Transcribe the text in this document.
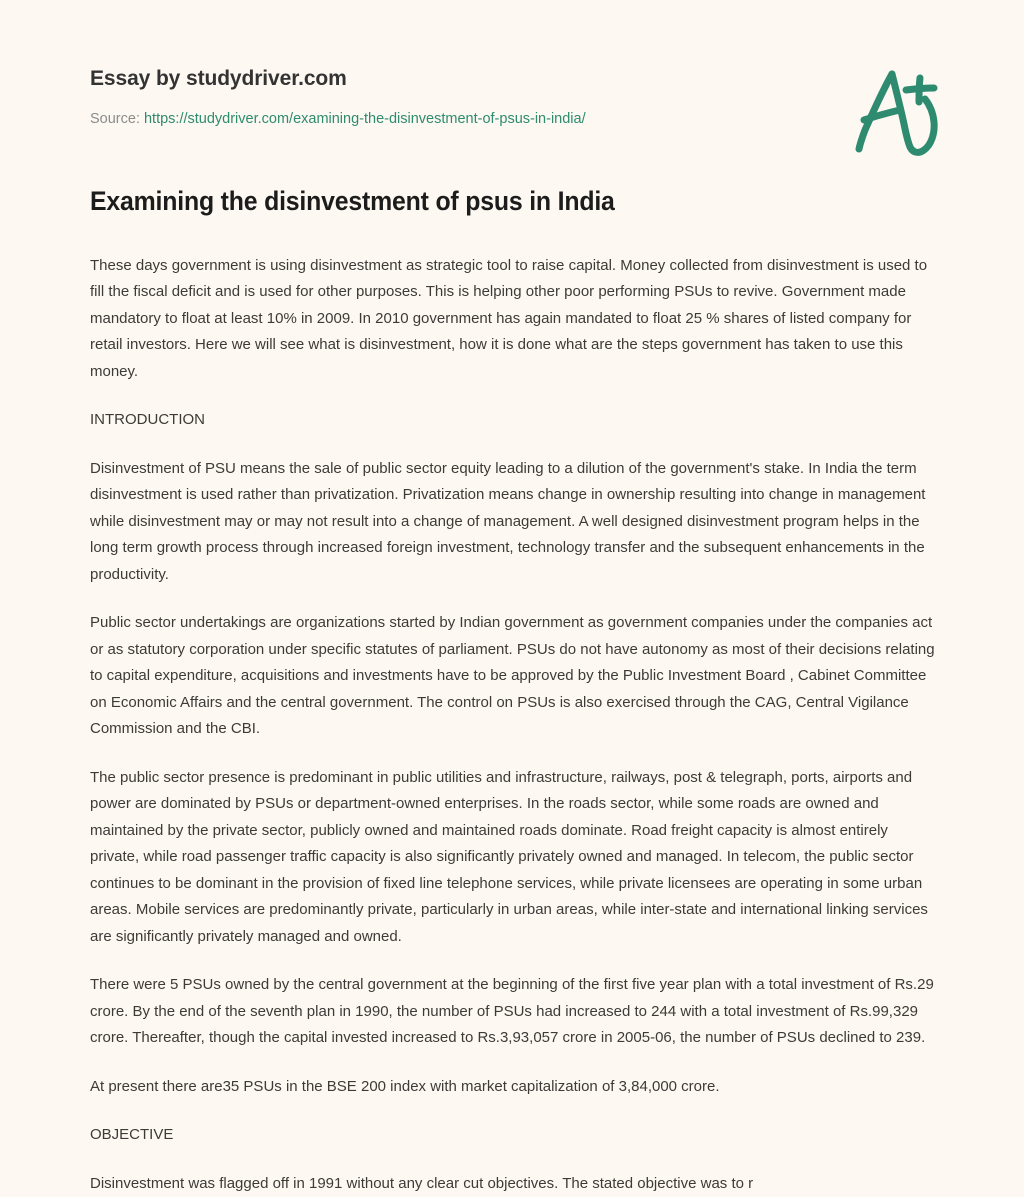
Essay by studydriver.com
Source: https://studydriver.com/examining-the-disinvestment-of-psus-in-india/
Examining the disinvestment of psus in India

These days government is using disinvestment as strategic tool to raise capital. Money collected from disinvestment is used to fill the fiscal deficit and is used for other purposes. This is helping other poor performing PSUs to revive. Government made mandatory to float at least 10% in 2009. In 2010 government has again mandated to float 25 % shares of listed company for retail investors. Here we will see what is disinvestment, how it is done what are the steps government has taken to use this money.

INTRODUCTION

Disinvestment of PSU means the sale of public sector equity leading to a dilution of the government's stake. In India the term disinvestment is used rather than privatization. Privatization means change in ownership resulting into change in management while disinvestment may or may not result into a change of management. A well designed disinvestment program helps in the long term growth process through increased foreign investment, technology transfer and the subsequent enhancements in the productivity.

Public sector undertakings are organizations started by Indian government as government companies under the companies act or as statutory corporation under specific statutes of parliament. PSUs do not have autonomy as most of their decisions relating to capital expenditure, acquisitions and investments have to be approved by the Public Investment Board , Cabinet Committee on Economic Affairs and the central government. The control on PSUs is also exercised through the CAG, Central Vigilance Commission and the CBI.

The public sector presence is predominant in public utilities and infrastructure, railways, post & telegraph, ports, airports and power are dominated by PSUs or department-owned enterprises. In the roads sector, while some roads are owned and maintained by the private sector, publicly owned and maintained roads dominate. Road freight capacity is almost entirely private, while road passenger traffic capacity is also significantly privately owned and managed. In telecom, the public sector continues to be dominant in the provision of fixed line telephone services, while private licensees are operating in some urban areas. Mobile services are predominantly private, particularly in urban areas, while inter-state and international linking services are significantly privately managed and owned.

There were 5 PSUs owned by the central government at the beginning of the first five year plan with a total investment of Rs.29 crore. By the end of the seventh plan in 1990, the number of PSUs had increased to 244 with a total investment of Rs.99,329 crore. Thereafter, though the capital invested increased to Rs.3,93,057 crore in 2005-06, the number of PSUs declined to 239.

At present there are35 PSUs in the BSE 200 index with market capitalization of 3,84,000 crore.

OBJECTIVE

Disinvestment was flagged off in 1991 without any clear cut objectives. The stated objective was to r
